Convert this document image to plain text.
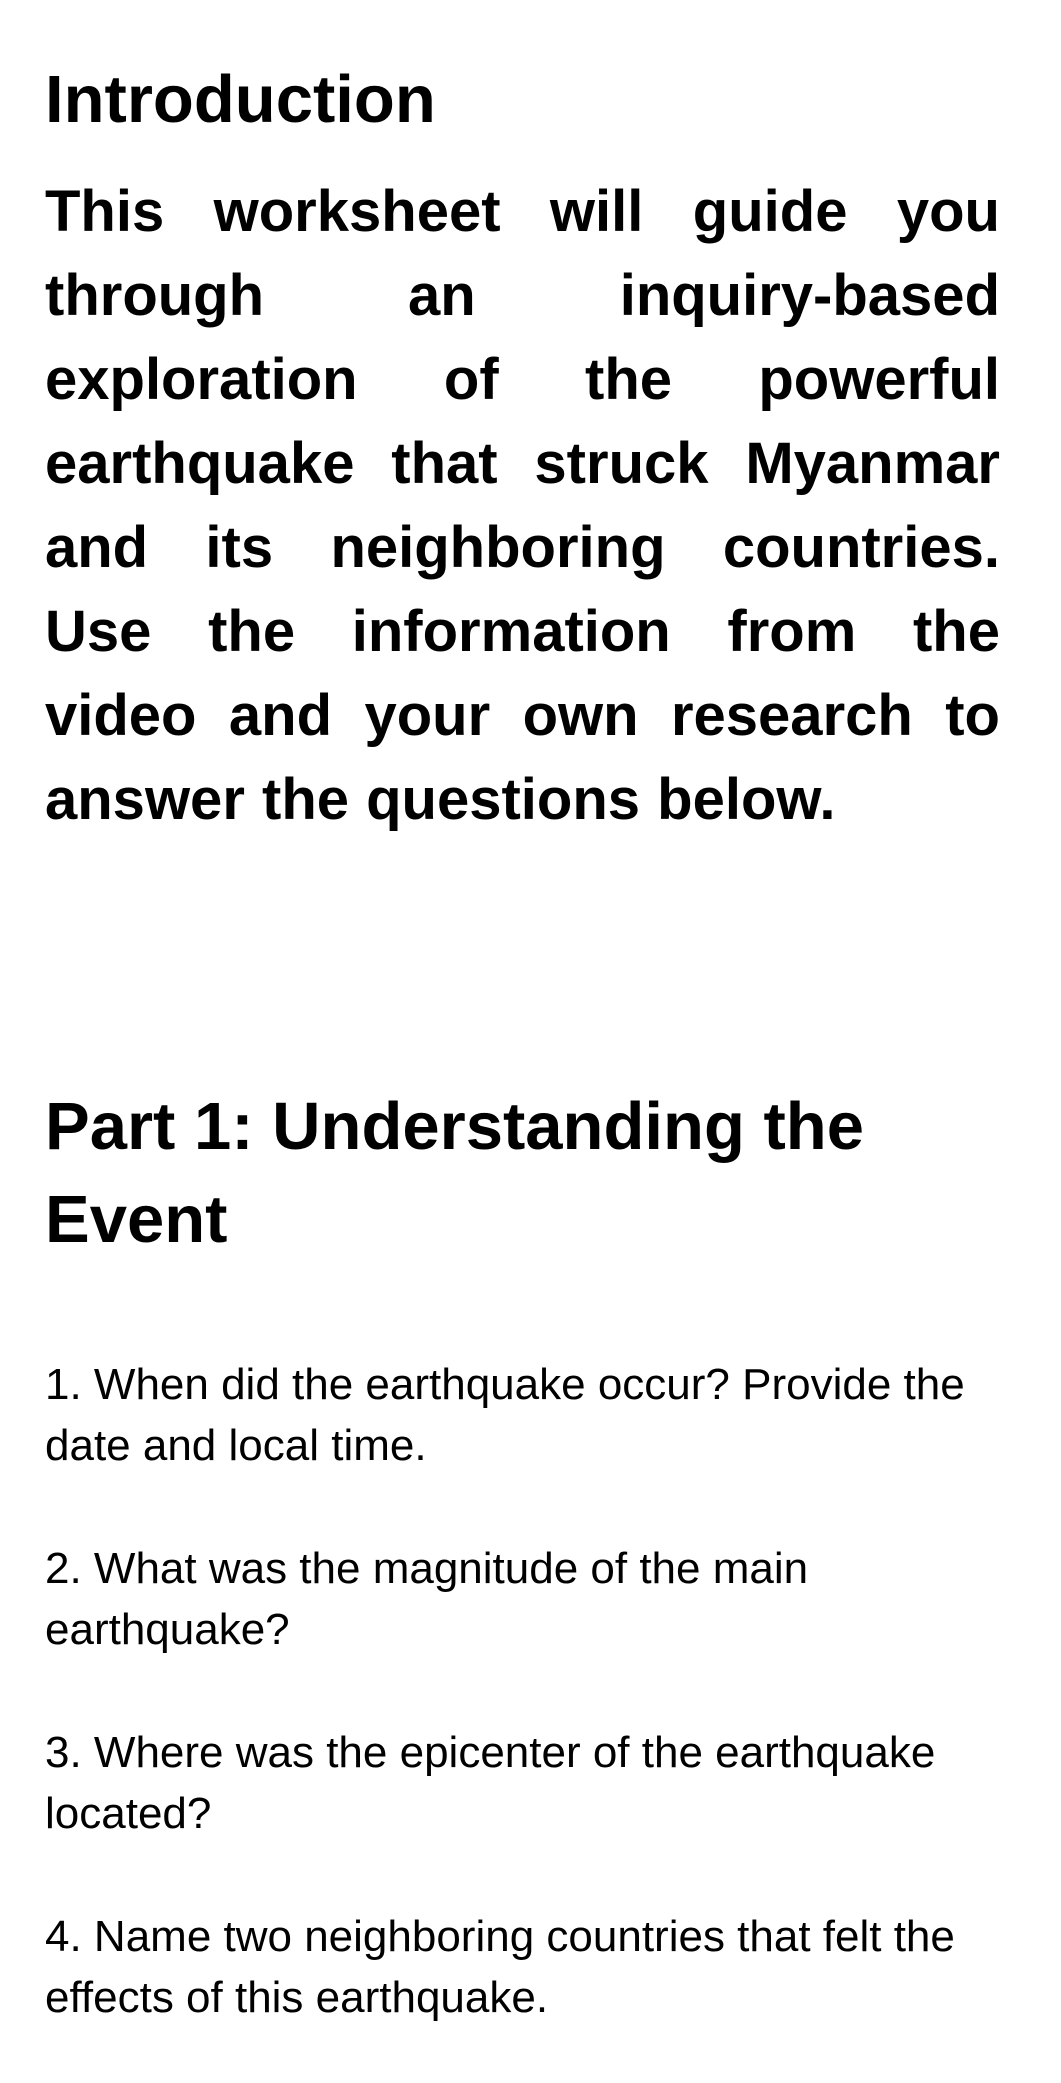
Introduction

This worksheet will guide you through an inquiry-based exploration of the powerful earthquake that struck Myanmar and its neighboring countries. Use the information from the video and your own research to answer the questions below.

Part 1: Understanding the Event

1. When did the earthquake occur? Provide the date and local time.

2. What was the magnitude of the main earthquake?

3. Where was the epicenter of the earthquake located?

4. Name two neighboring countries that felt the effects of this earthquake.
